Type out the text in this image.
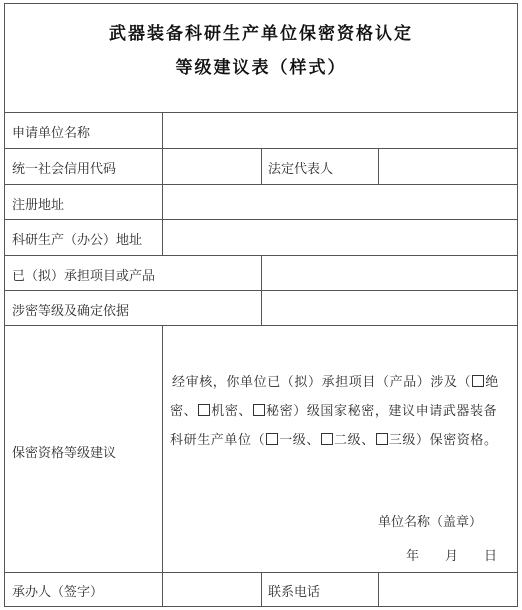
武器装备科研生产单位保密资格认定
等级建议表（样式）
申请单位名称
统一社会信用代码	法定代表人
注册地址
科研生产（办公）地址
已（拟）承担项目或产品
涉密等级及确定依据
保密资格等级建议
经审核，你单位已（拟）承担项目（产品）涉及（ 绝密、 机密、 秘密）级国家秘密，建议申请武器装备科研生产单位（ 一级、 二级、 三级）保密资格。
单位名称（盖章）
年　　月　　日
承办人（签字）	联系电话
